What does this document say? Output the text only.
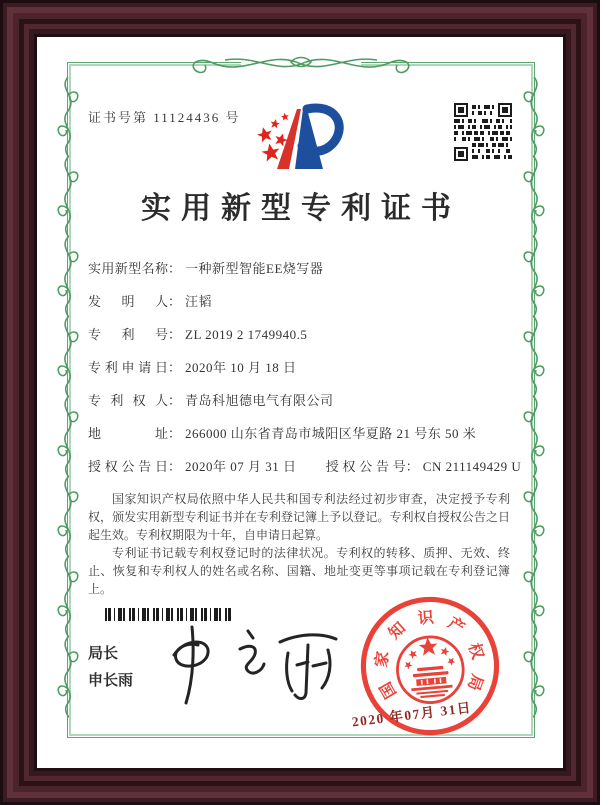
证书号第 11124436 号
实用新型专利证书
实用新型名称： 一种新型智能EE烧写器
发明人： 汪韬
专利号： ZL 2019 2 1749940.5
专利申请日： 2020年 10 月 18 日
专利权人： 青岛科旭德电气有限公司
地址： 266000 山东省青岛市城阳区华夏路 21 号东 50 米
授权公告日： 2020年 07 月 31 日 授权公告号： CN 211149429 U

国家知识产权局依照中华人民共和国专利法经过初步审查，决定授予专利权，颁发实用新型专利证书并在专利登记簿上予以登记。专利权自授权公告之日起生效。专利权期限为十年，自申请日起算。

专利证书记载专利权登记时的法律状况。专利权的转移、质押、无效、终止、恢复和专利权人的姓名或名称、国籍、地址变更等事项记载在专利登记簿上。

局长
申长雨	国
家
知
识 产
权
局
2020 年07月 31日
